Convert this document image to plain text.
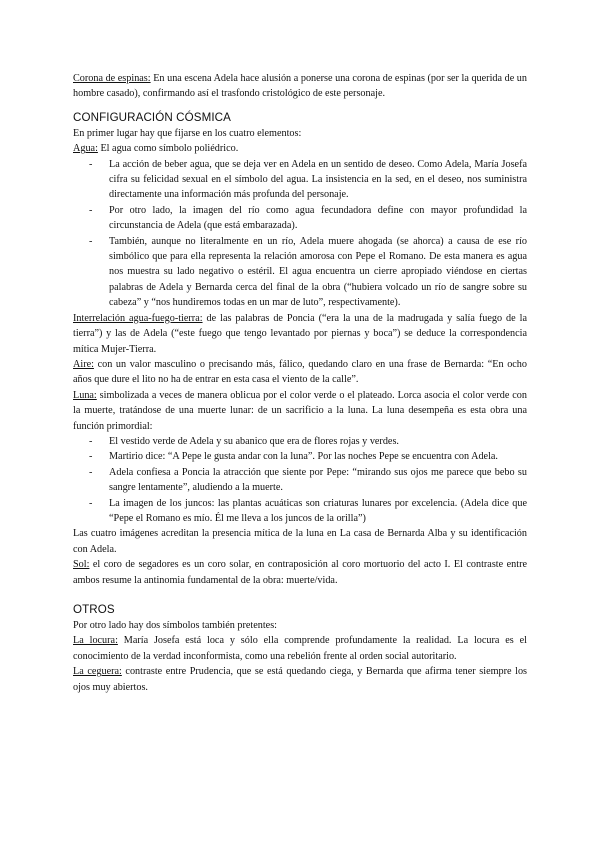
Corona de espinas: En una escena Adela hace alusión a ponerse una corona de espinas (por ser la querida de un hombre casado), confirmando así el trasfondo cristológico de este personaje.

CONFIGURACIÓN CÓSMICA

En primer lugar hay que fijarse en los cuatro elementos:

Agua: El agua como símbolo poliédrico.

- La acción de beber agua, que se deja ver en Adela en un sentido de deseo. Como Adela, María Josefa cifra su felicidad sexual en el símbolo del agua. La insistencia en la sed, en el deseo, nos suministra directamente una información más profunda del personaje.
- Por otro lado, la imagen del río como agua fecundadora define con mayor profundidad la circunstancia de Adela (que está embarazada).
- También, aunque no literalmente en un río, Adela muere ahogada (se ahorca) a causa de ese río simbólico que para ella representa la relación amorosa con Pepe el Romano. De esta manera es agua nos muestra su lado negativo o estéril. El agua encuentra un cierre apropiado viéndose en ciertas palabras de Adela y Bernarda cerca del final de la obra (“hubiera volcado un río de sangre sobre su cabeza” y “nos hundiremos todas en un mar de luto”, respectivamente).

Interrelación agua-fuego-tierra: de las palabras de Poncia (“era la una de la madrugada y salía fuego de la tierra”) y las de Adela (“este fuego que tengo levantado por piernas y boca”) se deduce la correspondencia mítica Mujer-Tierra.

Aire: con un valor masculino o precisando más, fálico, quedando claro en una frase de Bernarda: “En ocho años que dure el lito no ha de entrar en esta casa el viento de la calle”.

Luna: simbolizada a veces de manera oblicua por el color verde o el plateado. Lorca asocia el color verde con la muerte, tratándose de una muerte lunar: de un sacrificio a la luna. La luna desempeña es esta obra una función primordial:

- El vestido verde de Adela y su abanico que era de flores rojas y verdes.
- Martirio dice: “A Pepe le gusta andar con la luna”. Por las noches Pepe se encuentra con Adela.
- Adela confiesa a Poncia la atracción que siente por Pepe: “mirando sus ojos me parece que bebo su sangre lentamente”, aludiendo a la muerte.
- La imagen de los juncos: las plantas acuáticas son criaturas lunares por excelencia. (Adela dice que “Pepe el Romano es mío. Él me lleva a los juncos de la orilla”)

Las cuatro imágenes acreditan la presencia mítica de la luna en La casa de Bernarda Alba y su identificación con Adela.

Sol: el coro de segadores es un coro solar, en contraposición al coro mortuorio del acto I. El contraste entre ambos resume la antinomia fundamental de la obra: muerte/vida.

OTROS

Por otro lado hay dos símbolos también pretentes:

La locura: María Josefa está loca y sólo ella comprende profundamente la realidad. La locura es el conocimiento de la verdad inconformista, como una rebelión frente al orden social autoritario.

La ceguera: contraste entre Prudencia, que se está quedando ciega, y Bernarda que afirma tener siempre los ojos muy abiertos.
